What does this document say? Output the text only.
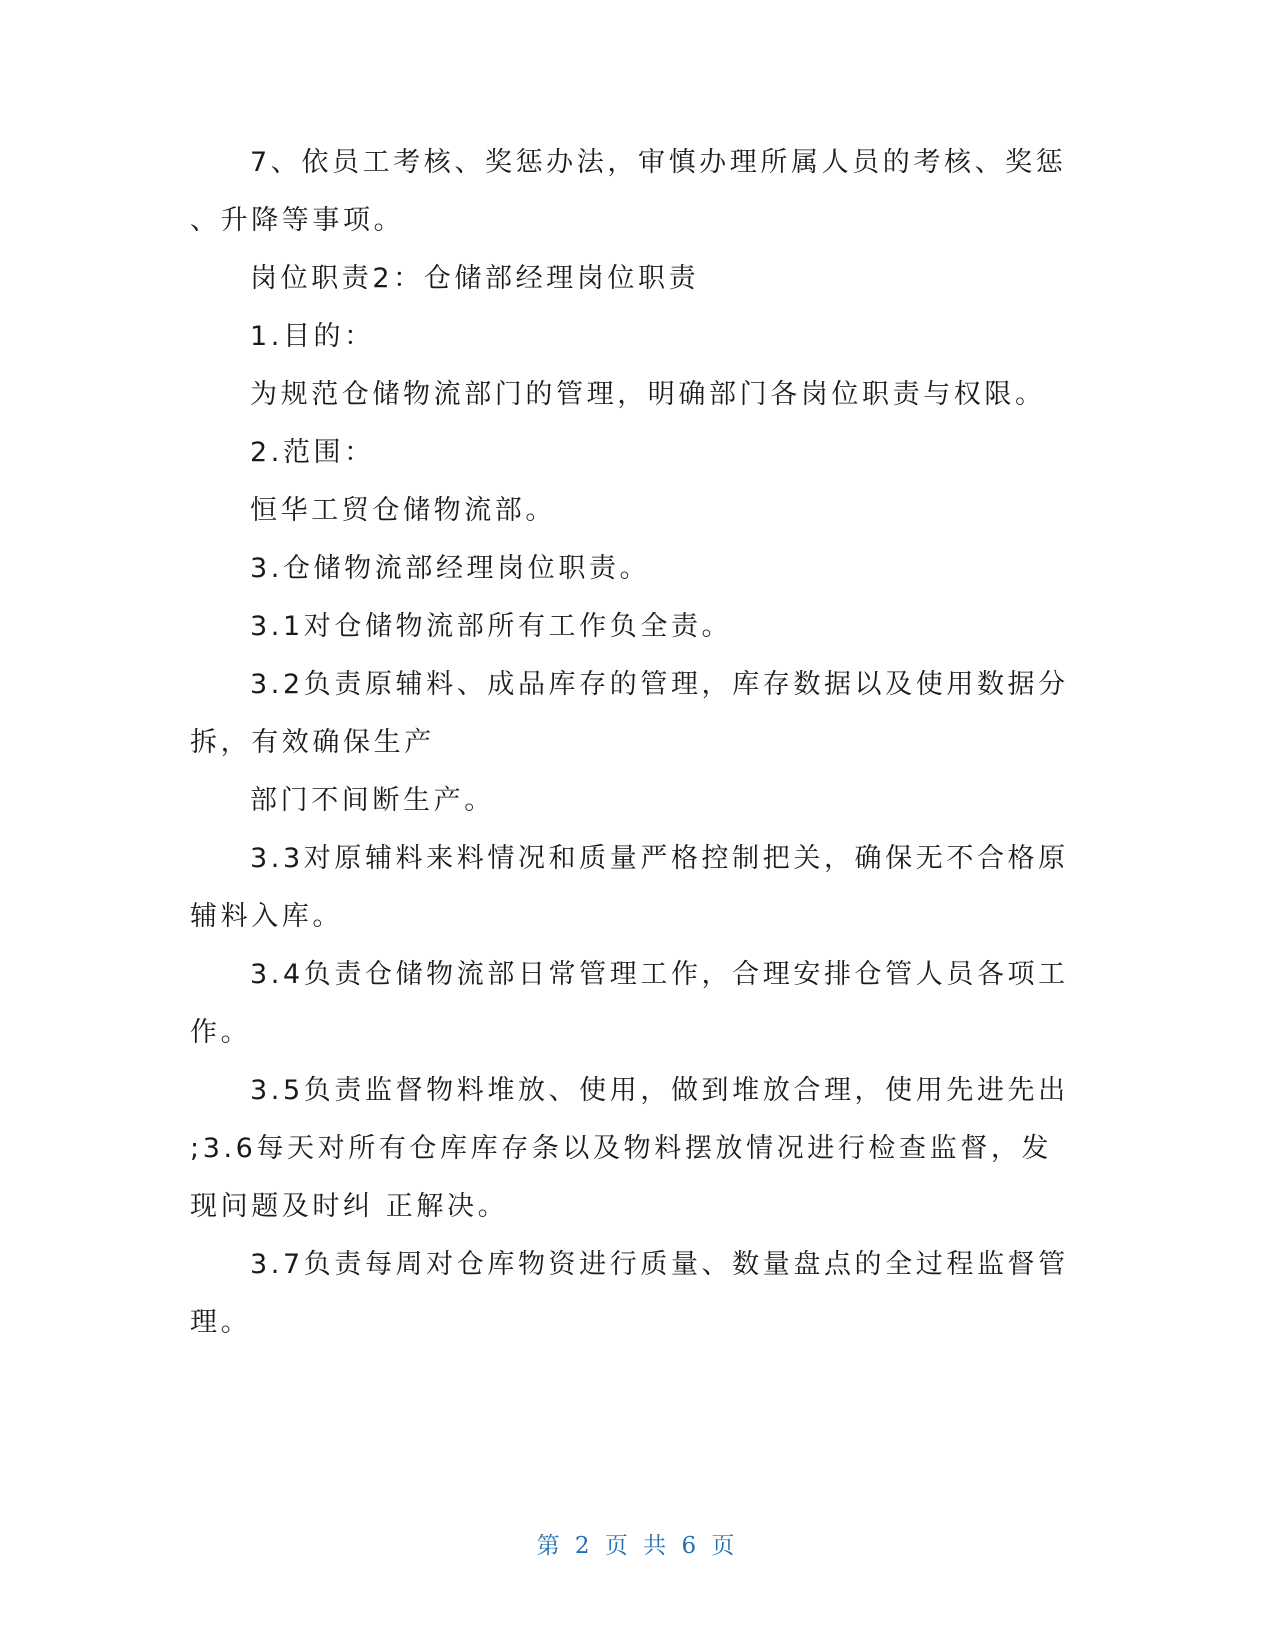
7、依员工考核、奖惩办法，审慎办理所属人员的考核、奖惩
、升降等事项。
岗位职责2：仓储部经理岗位职责
1.目的：
为规范仓储物流部门的管理，明确部门各岗位职责与权限。
2.范围：
恒华工贸仓储物流部。
3.仓储物流部经理岗位职责。
3.1对仓储物流部所有工作负全责。
3.2负责原辅料、成品库存的管理，库存数据以及使用数据分
拆，有效确保生产
部门不间断生产。
3.3对原辅料来料情况和质量严格控制把关，确保无不合格原
辅料入库。
3.4负责仓储物流部日常管理工作，合理安排仓管人员各项工
作。
3.5负责监督物料堆放、使用，做到堆放合理，使用先进先出
;3.6每天对所有仓库库存条以及物料摆放情况进行检查监督，发
现问题及时纠 正解决。
3.7负责每周对仓库物资进行质量、数量盘点的全过程监督管
理。
第 2 页 共 6 页
